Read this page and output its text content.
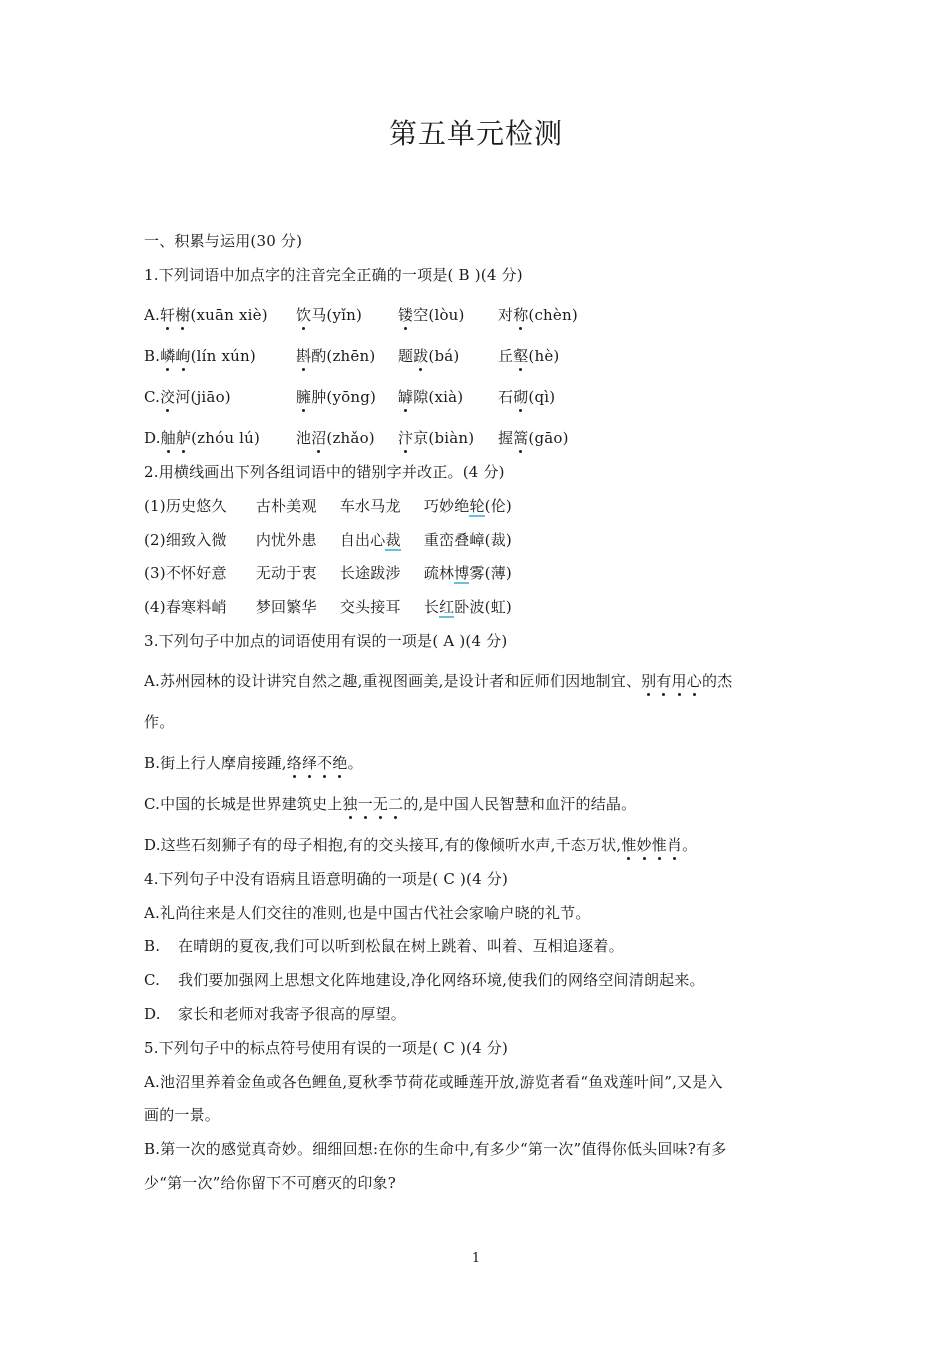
第五单元检测
一、积累与运用(30 分)
1.下列词语中加点字的注音完全正确的一项是( B )(4 分)
A.轩榭(xuān xiè) 饮马(yǐn) 镂空(lòu) 对称(chèn)
B.嶙峋(lín xún)	斟酌(zhēn) 题跋(bá)	丘壑(hè)
C.洨河(jiāo)	臃肿(yōng) 罅隙(xià) 石砌(qì)
D.舳舻(zhóu lú) 池沼(zhǎo) 汴京(biàn) 握篙(gāo)
2.用横线画出下列各组词语中的错别字并改正。(4 分)
(1)历史悠久 古朴美观 车水马龙 巧妙绝轮(伦)
(2)细致入微 内忧外患 自出心裁 重峦叠嶂(裁)
(3)不怀好意 无动于衷 长途跋涉 疏林博雾(薄)
(4)春寒料峭 梦回繁华 交头接耳 长红卧波(虹)
3.下列句子中加点的词语使用有误的一项是( A )(4 分)
A.苏州园林的设计讲究自然之趣,重视图画美,是设计者和匠师们因地制宜、别有用心的杰
作。
B.街上行人摩肩接踵,络绎不绝。
C.中国的长城是世界建筑史上独一无二的,是中国人民智慧和血汗的结晶。
D.这些石刻狮子有的母子相抱,有的交头接耳,有的像倾听水声,千态万状,惟妙惟肖。
4.下列句子中没有语病且语意明确的一项是( C )(4 分)
A.礼尚往来是人们交往的准则,也是中国古代社会家喻户晓的礼节。
B. 在晴朗的夏夜,我们可以听到松鼠在树上跳着、叫着、互相追逐着。
C. 我们要加强网上思想文化阵地建设,净化网络环境,使我们的网络空间清朗起来。
D. 家长和老师对我寄予很高的厚望。
5.下列句子中的标点符号使用有误的一项是( C )(4 分)
A.池沼里养着金鱼或各色鲤鱼,夏秋季节荷花或睡莲开放,游览者看“鱼戏莲叶间”,又是入
画的一景。
B.第一次的感觉真奇妙。细细回想:在你的生命中,有多少“第一次”值得你低头回味?有多
少“第一次”给你留下不可磨灭的印象?
1
